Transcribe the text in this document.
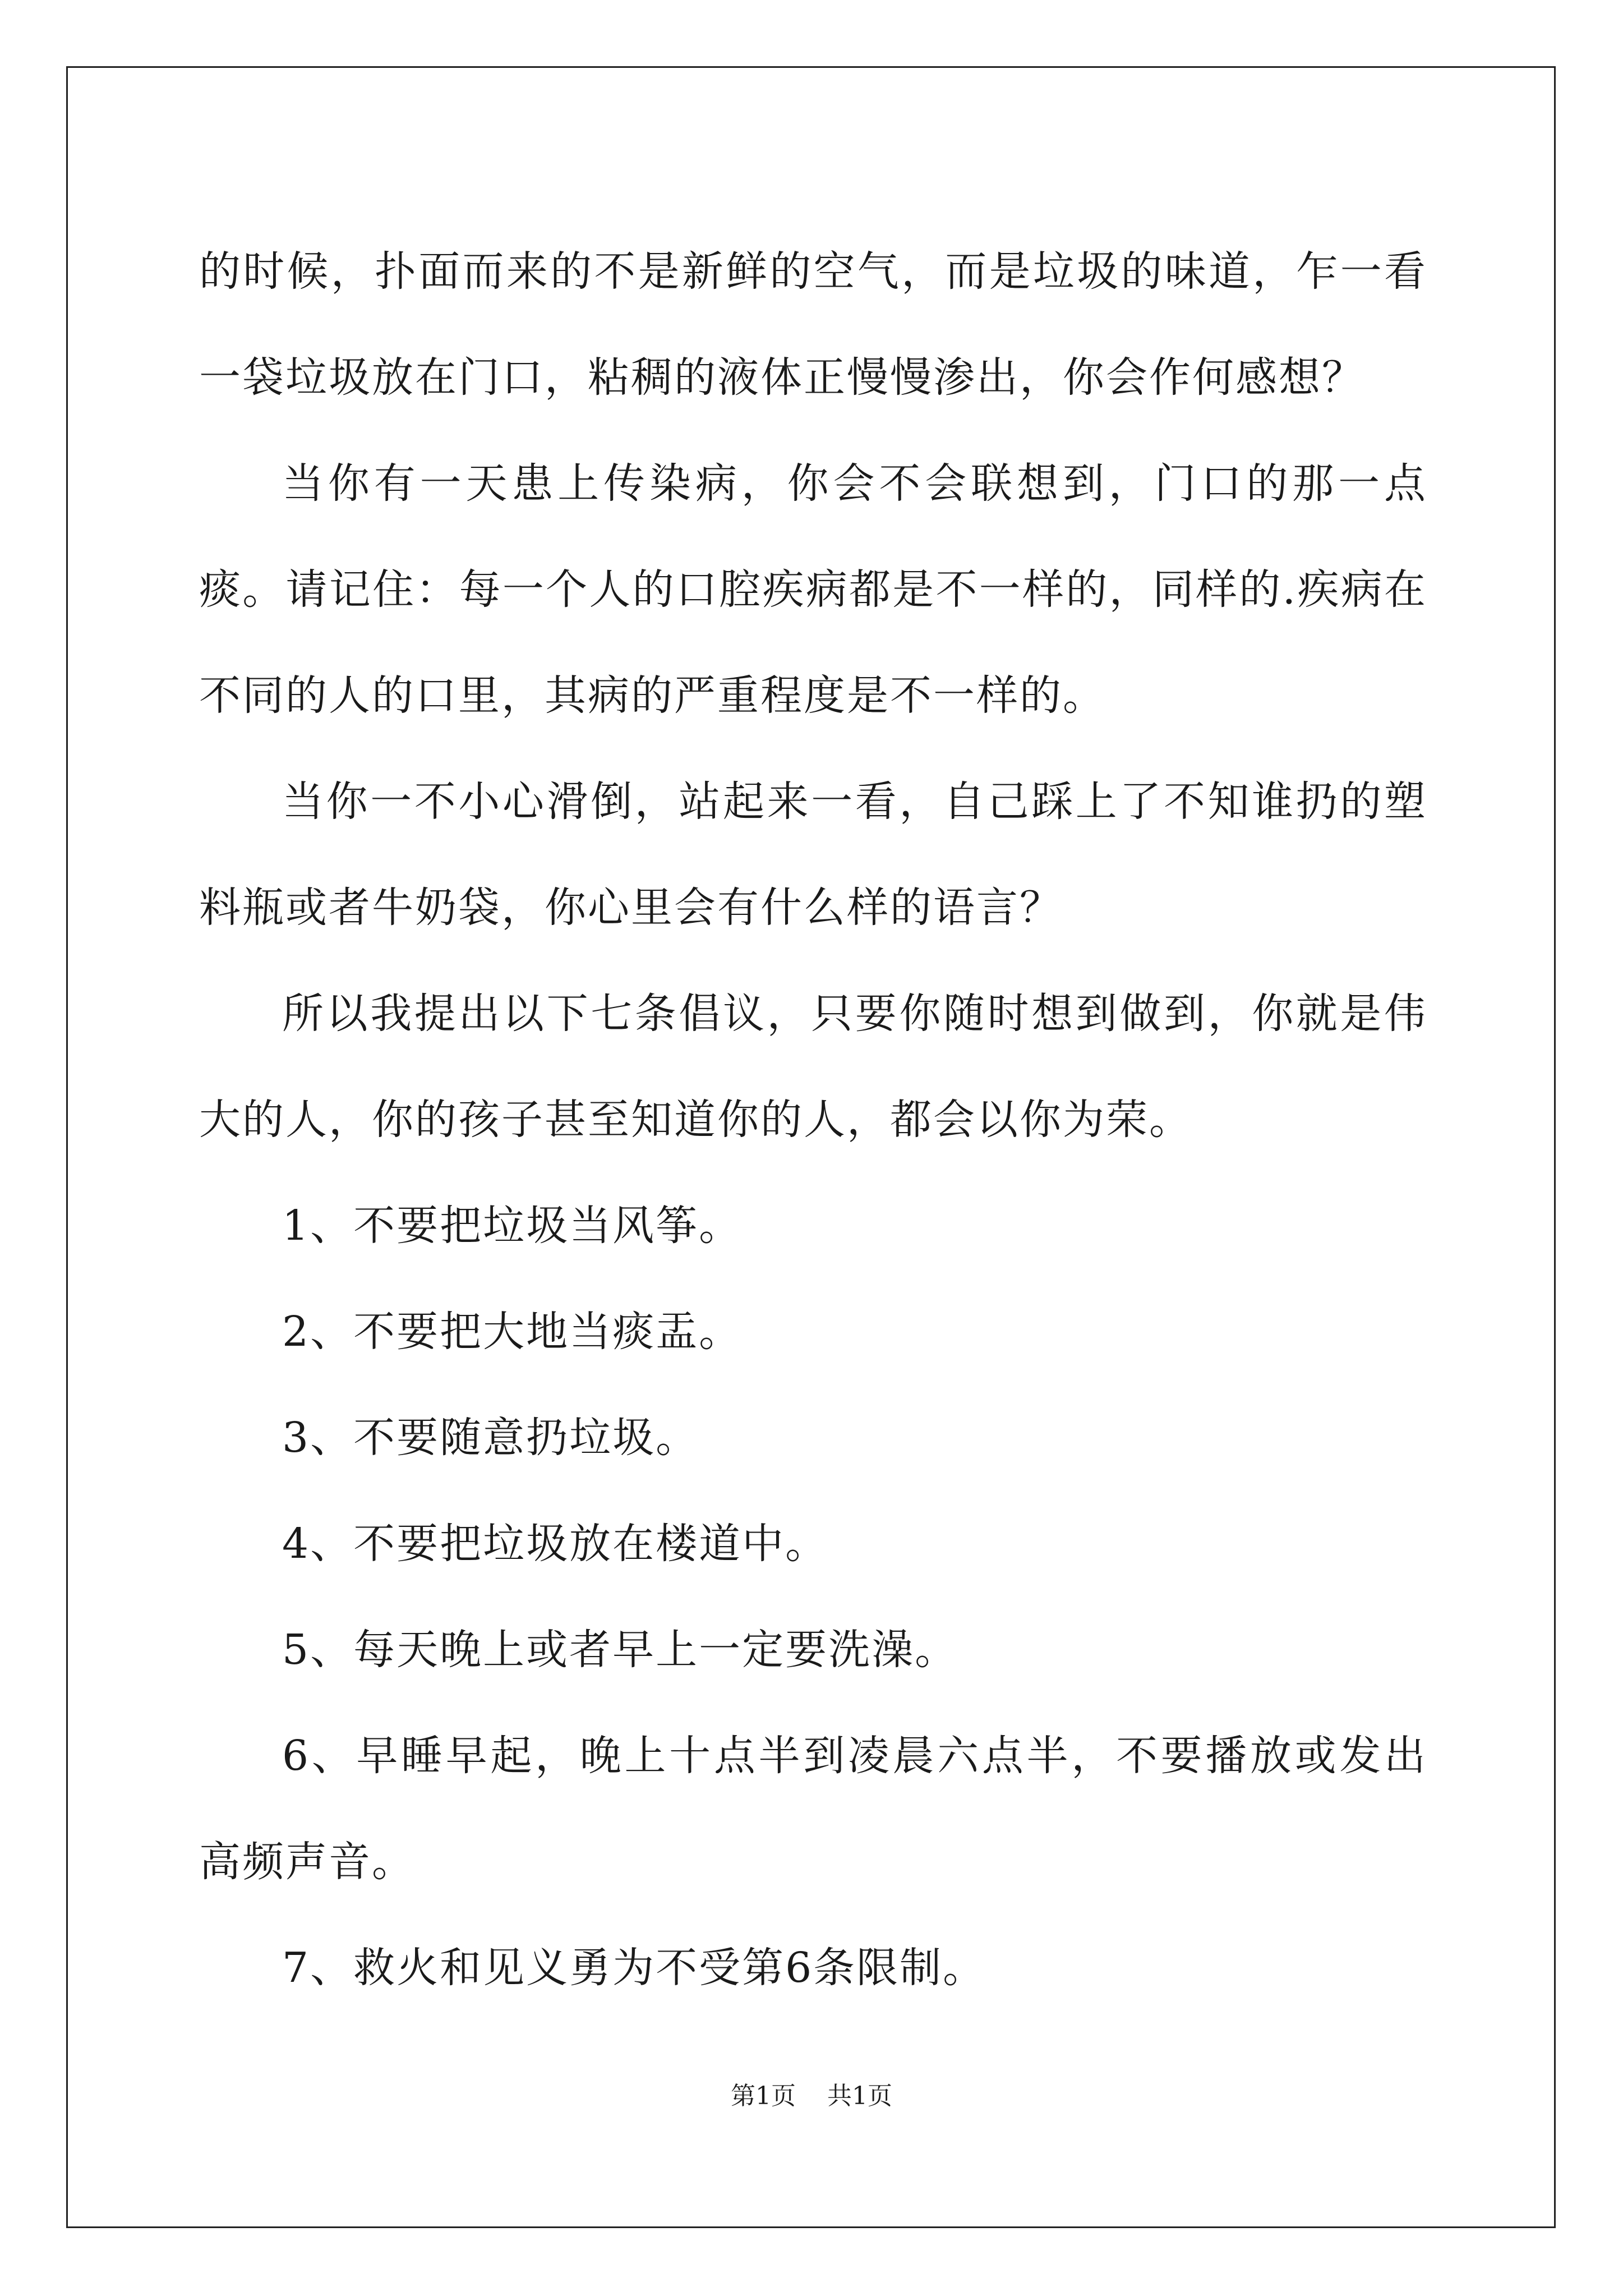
的时候，扑面而来的不是新鲜的空气，而是垃圾的味道，乍一看一袋垃圾放在门口，粘稠的液体正慢慢渗出，你会作何感想？

当你有一天患上传染病，你会不会联想到，门口的那一点痰。请记住：每一个人的口腔疾病都是不一样的，同样的.疾病在不同的人的口里，其病的严重程度是不一样的。

当你一不小心滑倒，站起来一看，自己踩上了不知谁扔的塑料瓶或者牛奶袋，你心里会有什么样的语言？

所以我提出以下七条倡议，只要你随时想到做到，你就是伟大的人，你的孩子甚至知道你的人，都会以你为荣。

1、不要把垃圾当风筝。

2、不要把大地当痰盂。

3、不要随意扔垃圾。

4、不要把垃圾放在楼道中。

5、每天晚上或者早上一定要洗澡。

6、早睡早起，晚上十点半到凌晨六点半，不要播放或发出高频声音。

7、救火和见义勇为不受第6条限制。

第1页 共1页
